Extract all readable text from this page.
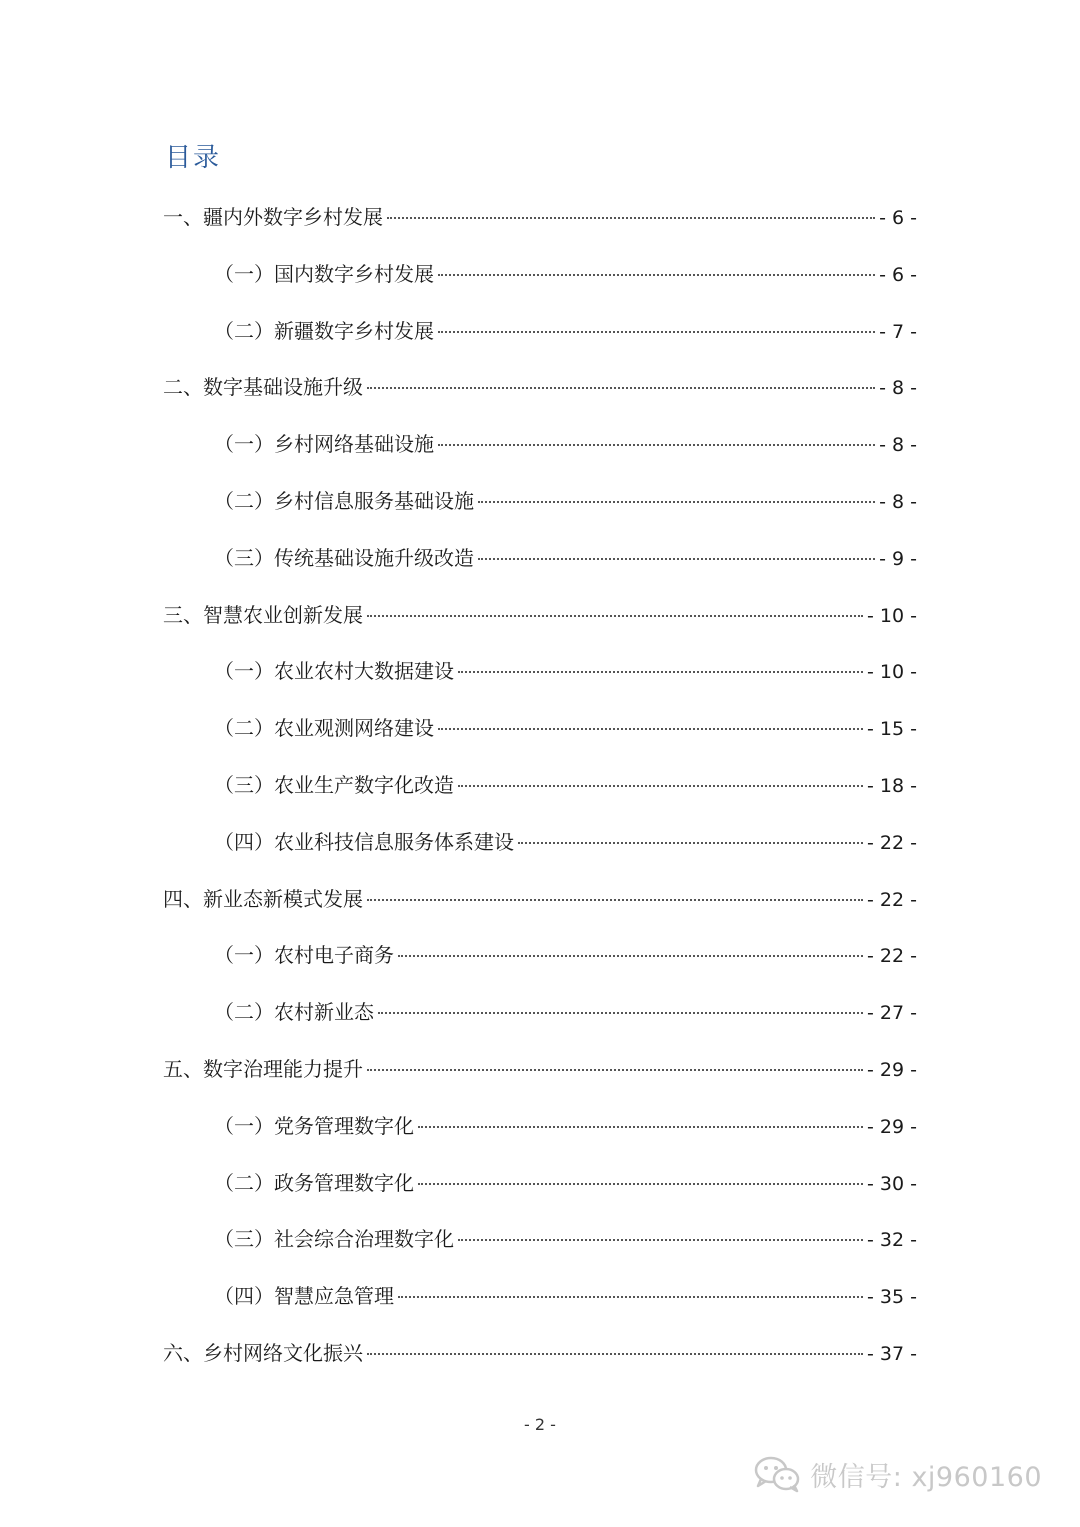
目录
一、疆内外数字乡村发展	- 6 -
（一）国内数字乡村发展	- 6 -
（二）新疆数字乡村发展	- 7 -
二、数字基础设施升级	- 8 -
（一）乡村网络基础设施	- 8 -
（二）乡村信息服务基础设施	- 8 -
（三）传统基础设施升级改造	- 9 -
三、智慧农业创新发展	- 10 -
（一）农业农村大数据建设	- 10 -
（二）农业观测网络建设	- 15 -
（三）农业生产数字化改造	- 18 -
（四）农业科技信息服务体系建设	- 22 -
四、新业态新模式发展	- 22 -
（一）农村电子商务	- 22 -
（二）农村新业态	- 27 -
五、数字治理能力提升	- 29 -
（一）党务管理数字化	- 29 -
（二）政务管理数字化	- 30 -
（三）社会综合治理数字化	- 32 -
（四）智慧应急管理	- 35 -
六、乡村网络文化振兴	- 37 -
- 2 -
微信号: xj960160
